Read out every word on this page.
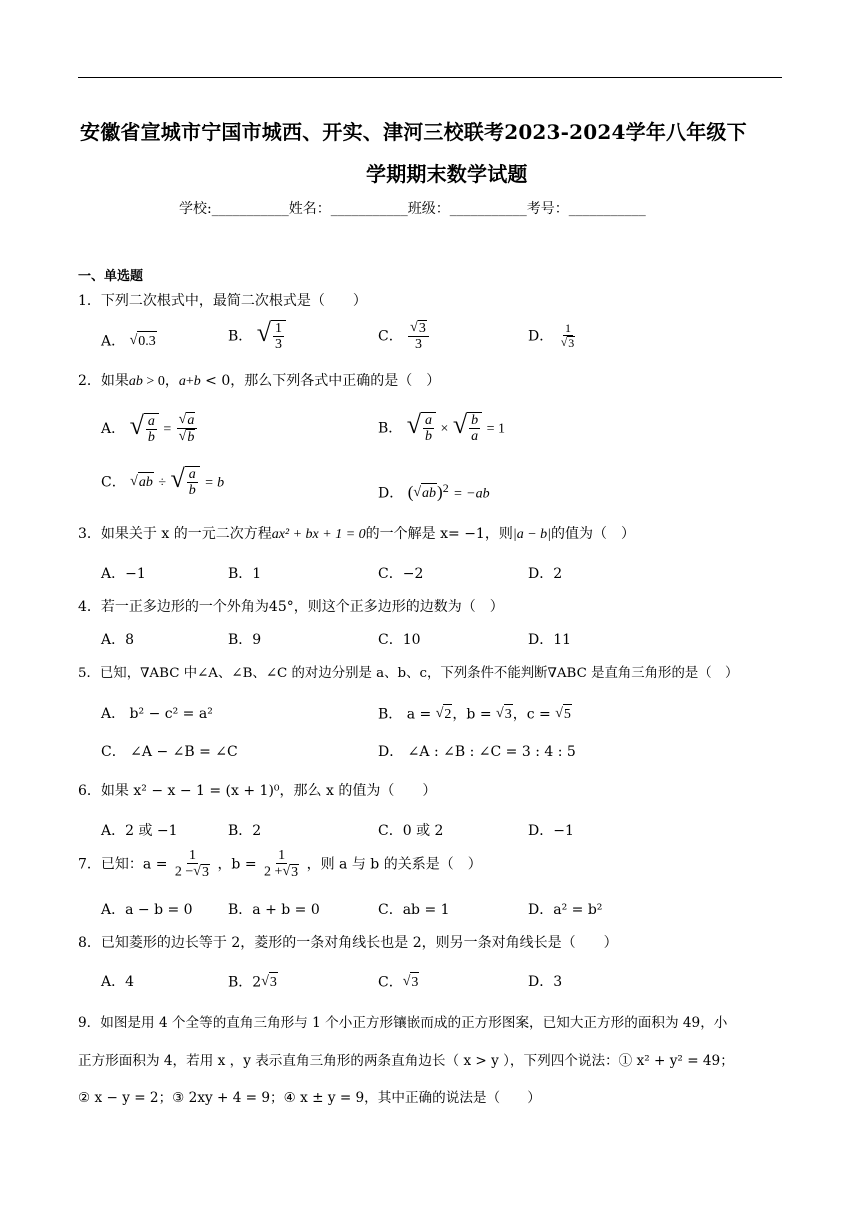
安徽省宣城市宁国市城西、开实、津河三校联考2023-2024学年八年级下
学期期末数学试题
学校:___________姓名：___________班级：___________考号：___________
一、单选题
1．下列二次根式中，最简二次根式是（　　）
A． √0.3	B． √ $\frac{1}{3}$	C． $\frac{√3}{3}$	D． $\frac{1}{√3}$
2．如果ab > 0，a+b < 0，那么下列各式中正确的是（　）
A． √ $\frac{a}{b} = \frac{√a}{√b}$	B． √ $\frac{a}{b}$ × √ $\frac{b}{a} = 1$
C． √ab ÷ √ $\frac{a}{b} = b$
D． $(√ab)^2 = -ab$
3．如果关于 x 的一元二次方程ax² + bx + 1 = 0的一个解是 x= −1，则|a − b|的值为（　）
A．−1	B．1	C．−2	D．2
4．若一正多边形的一个外角为45°，则这个正多边形的边数为（　）
A．8	B．9	C．10	D．11
5．已知，∇ABC 中∠A、∠B、∠C 的对边分别是 a、b、c，下列条件不能判断∇ABC 是直角三角形的是（　）
A． b² − c² = a²	B． a = √2，b = √3，c = √5
C． ∠A − ∠B = ∠C	D． ∠A : ∠B : ∠C = 3 : 4 : 5
6．如果 x² − x − 1 = (x + 1)⁰，那么 x 的值为（　　）
A．2 或 −1	B．2	C．0 或 2	D．−1
7．已知：$a = \frac{1}{2 -√3}$ ，$b = \frac{1}{2 +√3}$ ，则 a 与 b 的关系是（　）
A．a − b = 0	B．a + b = 0	C．ab = 1	D．a² = b²
8．已知菱形的边长等于 2，菱形的一条对角线长也是 2，则另一条对角线长是（　　）
A．4	B．2√3	C．√3	D．3
9．如图是用 4 个全等的直角三角形与 1 个小正方形镶嵌而成的正方形图案，已知大正方形的面积为 49，小
正方形面积为 4，若用 x ，y 表示直角三角形的两条直角边长（ x > y ），下列四个说法：① x² + y² = 49；
② x − y = 2；③ 2xy + 4 = 9；④ x ± y = 9，其中正确的说法是（　　）
